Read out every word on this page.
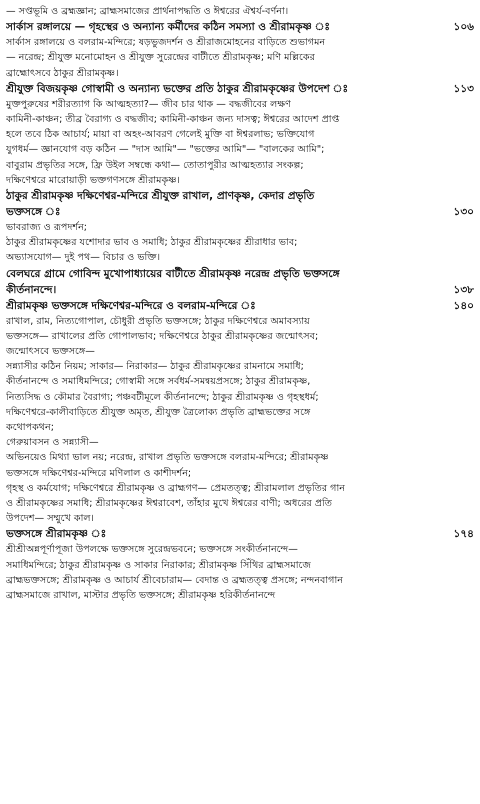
— সপ্তভূমি ও ব্রহ্মজ্ঞান; ব্রাহ্মসমাজের প্রার্থনাপদ্ধতি ও ঈশ্বরের ঐশ্বর্য-বর্ণনা।
সার্কাস রঙ্গালয়ে — গৃহস্থের ও অন্যান্য কর্মীদের কঠিন সমস্যা ও শ্রীরামকৃষ্ণ ঃ	১০৬
সার্কাস রঙ্গালয়ে ও বলরাম-মন্দিরে; ষড়ভুজদর্শন ও শ্রীরাজমোহনের বাড়িতে শুভাগমন
— নরেন্দ্র; শ্রীযুক্ত মনোমোহন ও শ্রীযুক্ত সুরেন্দ্রের বাটীতে শ্রীরামকৃষ্ণ; মণি মল্লিকের
ব্রাহ্মোৎসবে ঠাকুর শ্রীরামকৃষ্ণ।
শ্রীযুক্ত বিজয়কৃষ্ণ গোস্বামী ও অন্যান্য ভক্তের প্রতি ঠাকুর শ্রীরামকৃষ্ণের উপদেশ ঃ	১১৩
মুক্তপুরুষের শরীরত্যাগ কি আত্মহত্যা?— জীব চার থাক — বদ্ধজীবের লক্ষণ
কামিনী-কাঞ্চন; তীব্র বৈরাগ্য ও বদ্ধজীব; কামিনী-কাঞ্চন জন্য দাসত্ব; ঈশ্বরের আদেশ প্রাপ্ত
হলে তবে ঠিক আচার্য; মায়া বা অহং-আবরণ গেলেই মুক্তি বা ঈশ্বরলাভ; ভক্তিযোগ
যুগধর্ম— জ্ঞানযোগ বড় কঠিন — "দাস আমি"— "ভক্তের আমি"— "বালকের আমি";
বাবুরাম প্রভৃতির সঙ্গে, ফ্রি উইল সম্বন্ধে কথা— তোতাপুরীর আত্মহত্যার সংকল্প;
দক্ষিণেশ্বরে মারোয়াড়ী ভক্তগণসঙ্গে শ্রীরামকৃষ্ণ।
ঠাকুর শ্রীরামকৃষ্ণ দক্ষিণেশ্বর-মন্দিরে শ্রীযুক্ত রাখাল, প্রাণকৃষ্ণ, কেদার প্রভৃতি
ভক্তসঙ্গে ঃ	১৩০
ভাবরাজ্য ও রূপদর্শন;
ঠাকুর শ্রীরামকৃষ্ণের যশোদার ভাব ও সমাধি; ঠাকুর শ্রীরামকৃষ্ণের শ্রীরাধার ভাব;
অভ্যাসযোগ— দুই পথ— বিচার ও ভক্তি।
বেলঘরে গ্রামে গোবিন্দ মুখোপাধ্যায়ের বাটীতে শ্রীরামকৃষ্ণ নরেন্দ্র প্রভৃতি ভক্তসঙ্গে
কীর্তনানন্দে।	১৩৮
শ্রীরামকৃষ্ণ ভক্তসঙ্গে দক্ষিণেশ্বর-মন্দিরে ও বলরাম-মন্দিরে ঃ	১৪০
রাখাল, রাম, নিত্যগোপাল, চৌধুরী প্রভৃতি ভক্তসঙ্গে; ঠাকুর দক্ষিণেশ্বরে অমাবস্যায়
ভক্তসঙ্গে— রাখালের প্রতি গোপালভাব; দক্ষিণেশ্বরে ঠাকুর শ্রীরামকৃষ্ণের জন্মোৎসব;
জন্মোৎসবে ভক্তসঙ্গে—
সন্ন্যাসীর কঠিন নিয়ম; সাকার— নিরাকার— ঠাকুর শ্রীরামকৃষ্ণের রামনামে সমাধি;
কীর্তনানন্দে ও সমাধিমন্দিরে; গোস্বামী সঙ্গে সর্বধর্ম-সমন্বয়প্রসঙ্গে; ঠাকুর শ্রীরামকৃষ্ণ,
নিত্যসিদ্ধ ও কৌমার বৈরাগ্য; পঞ্চবটীমূলে কীর্তনানন্দে; ঠাকুর শ্রীরামকৃষ্ণ ও গৃহস্থধর্ম;
দক্ষিণেশ্বরে-কালীবাড়িতে শ্রীযুক্ত অমৃত, শ্রীযুক্ত ত্রৈলোক্য প্রভৃতি ব্রাহ্মভক্তের সঙ্গে
কথোপকথন;
গেরুয়াবসন ও সন্ন্যাসী—
অভিনয়েও মিথ্যা ভাল নয়; নরেন্দ্র, রাখাল প্রভৃতি ভক্তসঙ্গে বলরাম-মন্দিরে; শ্রীরামকৃষ্ণ
ভক্তসঙ্গে দক্ষিণেশ্বর-মন্দিরে মণিলাল ও কাশীদর্শন;
গৃহস্থ ও কর্মযোগ; দক্ষিণেশ্বরে শ্রীরামকৃষ্ণ ও ব্রাহ্মগণ— প্রেমতত্ত্ব; শ্রীরামলাল প্রভৃতির গান
ও শ্রীরামকৃষ্ণের সমাধি; শ্রীরামকৃষ্ণের ঈশ্বরাবেশ, তাঁহার মুখে ঈশ্বরের বাণী; অধরের প্রতি
উপদেশ— সম্মুখে কাল।
ভক্তসঙ্গে শ্রীরামকৃষ্ণ ঃ	১৭৪
শ্রীশ্রীঅন্নপূর্ণাপূজা উপলক্ষে ভক্তসঙ্গে সুরেন্দ্রভবনে; ভক্তসঙ্গে সংকীর্তনানন্দে—
সমাধিমন্দিরে; ঠাকুর শ্রীরামকৃষ্ণ ও সাকার নিরাকার; শ্রীরামকৃষ্ণ সিঁথির ব্রাহ্মসমাজে
ব্রাহ্মভক্তসঙ্গে; শ্রীরামকৃষ্ণ ও আচার্য শ্রীবেচারাম— বেদান্ত ও ব্রহ্মতত্ত্ব প্রসঙ্গে; নন্দনবাগান
ব্রাহ্মসমাজে রাখাল, মাস্টার প্রভৃতি ভক্তসঙ্গে; শ্রীরামকৃষ্ণ হরিকীর্তনানন্দে
